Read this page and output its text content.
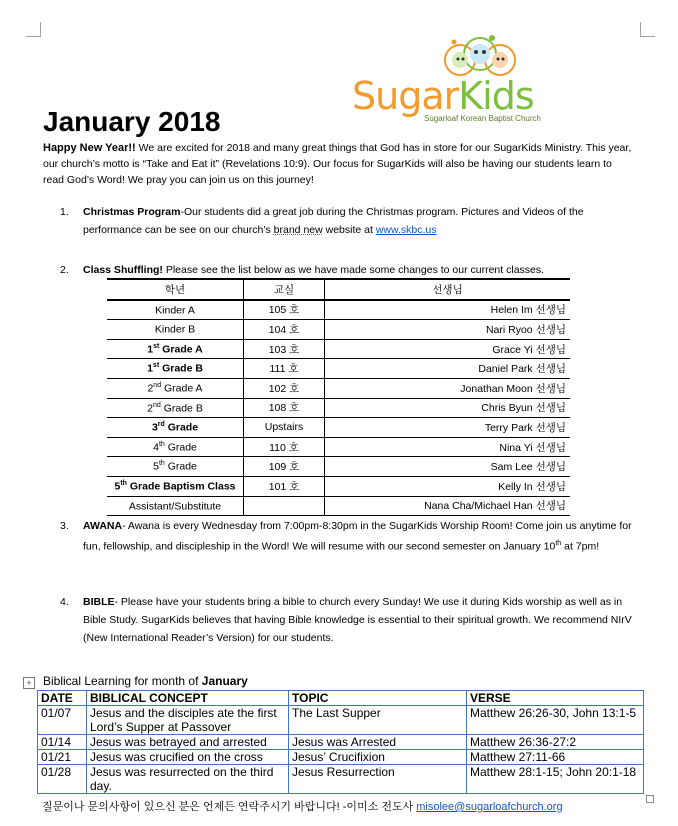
SugarKids
Sugarloaf Korean Baptist Church
January 2018
Happy New Year!! We are excited for 2018 and many great things that God has in store for our SugarKids Ministry. This year, our church’s motto is “Take and Eat it” (Revelations 10:9). Our focus for SugarKids will also be having our students learn to read God’s Word! We pray you can join us on this journey!
1. Christmas Program-Our students did a great job during the Christmas program. Pictures and Videos of the performance can be see on our church’s brand new website at www.skbc.us
2. Class Shuffling! Please see the list below as we have made some changes to our current classes.
3. AWANA- Awana is every Wednesday from 7:00pm-8:30pm in the SugarKids Worship Room! Come join us anytime for fun, fellowship, and discipleship in the Word! We will resume with our second semester on January 10th at 7pm!
4. BIBLE- Please have your students bring a bible to church every Sunday! We use it during Kids worship as well as in Bible Study. SugarKids believes that having Bible knowledge is essential to their spiritual growth. We recommend NIrV (New International Reader’s Version) for our students.
학년	교실	선생님
Kinder A	105 호	Helen Im 선생님
Kinder B	104 호	Nari Ryoo 선생님
1st Grade A	103 호	Grace Yi 선생님
1st Grade B	111 호	Daniel Park 선생님
2nd Grade A	102 호	Jonathan Moon 선생님
2nd Grade B	108 호	Chris Byun 선생님
3rd Grade	Upstairs	Terry Park 선생님
4th Grade	110 호	Nina Yi 선생님
5th Grade	109 호	Sam Lee 선생님
5th Grade Baptism Class	101 호	Kelly In 선생님
Assistant/Substitute		Nana Cha/Michael Han 선생님
+ Biblical Learning for month of January
DATE	BIBLICAL CONCEPT	TOPIC	VERSE
01/07	Jesus and the disciples ate the first Lord’s Supper at Passover	The Last Supper	Matthew 26:26-30, John 13:1-5
01/14	Jesus was betrayed and arrested	Jesus was Arrested	Matthew 26:36-27:2
01/21	Jesus was crucified on the cross	Jesus’ Crucifixion	Matthew 27:11-66
01/28	Jesus was resurrected on the third day.	Jesus Resurrection	Matthew 28:1-15; John 20:1-18
질문이나 문의사항이 있으신 분은 언제든 연락주시기 바랍니다! -이미소 전도사 misolee@sugarloafchurch.org
